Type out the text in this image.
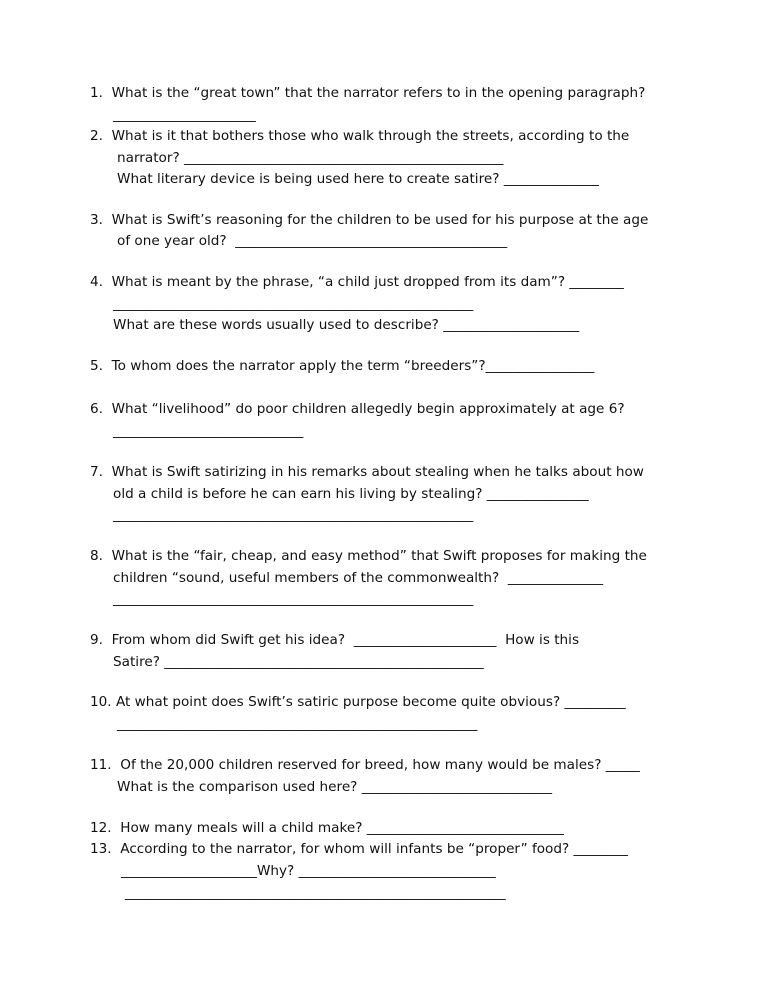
1.  What is the “great town” that the narrator refers to in the opening paragraph?
_____________________
2.  What is it that bothers those who walk through the streets, according to the
narrator? _______________________________________________
What literary device is being used here to create satire? ______________
3.  What is Swift’s reasoning for the children to be used for his purpose at the age
of one year old?  ________________________________________
4.  What is meant by the phrase, “a child just dropped from its dam”? ________
_____________________________________________________
What are these words usually used to describe? ____________________
5.  To whom does the narrator apply the term “breeders”?________________
6.  What “livelihood” do poor children allegedly begin approximately at age 6?
____________________________
7.  What is Swift satirizing in his remarks about stealing when he talks about how
old a child is before he can earn his living by stealing? _______________
_____________________________________________________
8.  What is the “fair, cheap, and easy method” that Swift proposes for making the
children “sound, useful members of the commonwealth?  ______________
_____________________________________________________
9.  From whom did Swift get his idea?  _____________________  How is this
Satire? _______________________________________________
10. At what point does Swift’s satiric purpose become quite obvious? _________
_____________________________________________________
11.  Of the 20,000 children reserved for breed, how many would be males? _____
What is the comparison used here? ____________________________
12.  How many meals will a child make? _____________________________
13.  According to the narrator, for whom will infants be “proper” food? ________
____________________Why? _____________________________
________________________________________________________
